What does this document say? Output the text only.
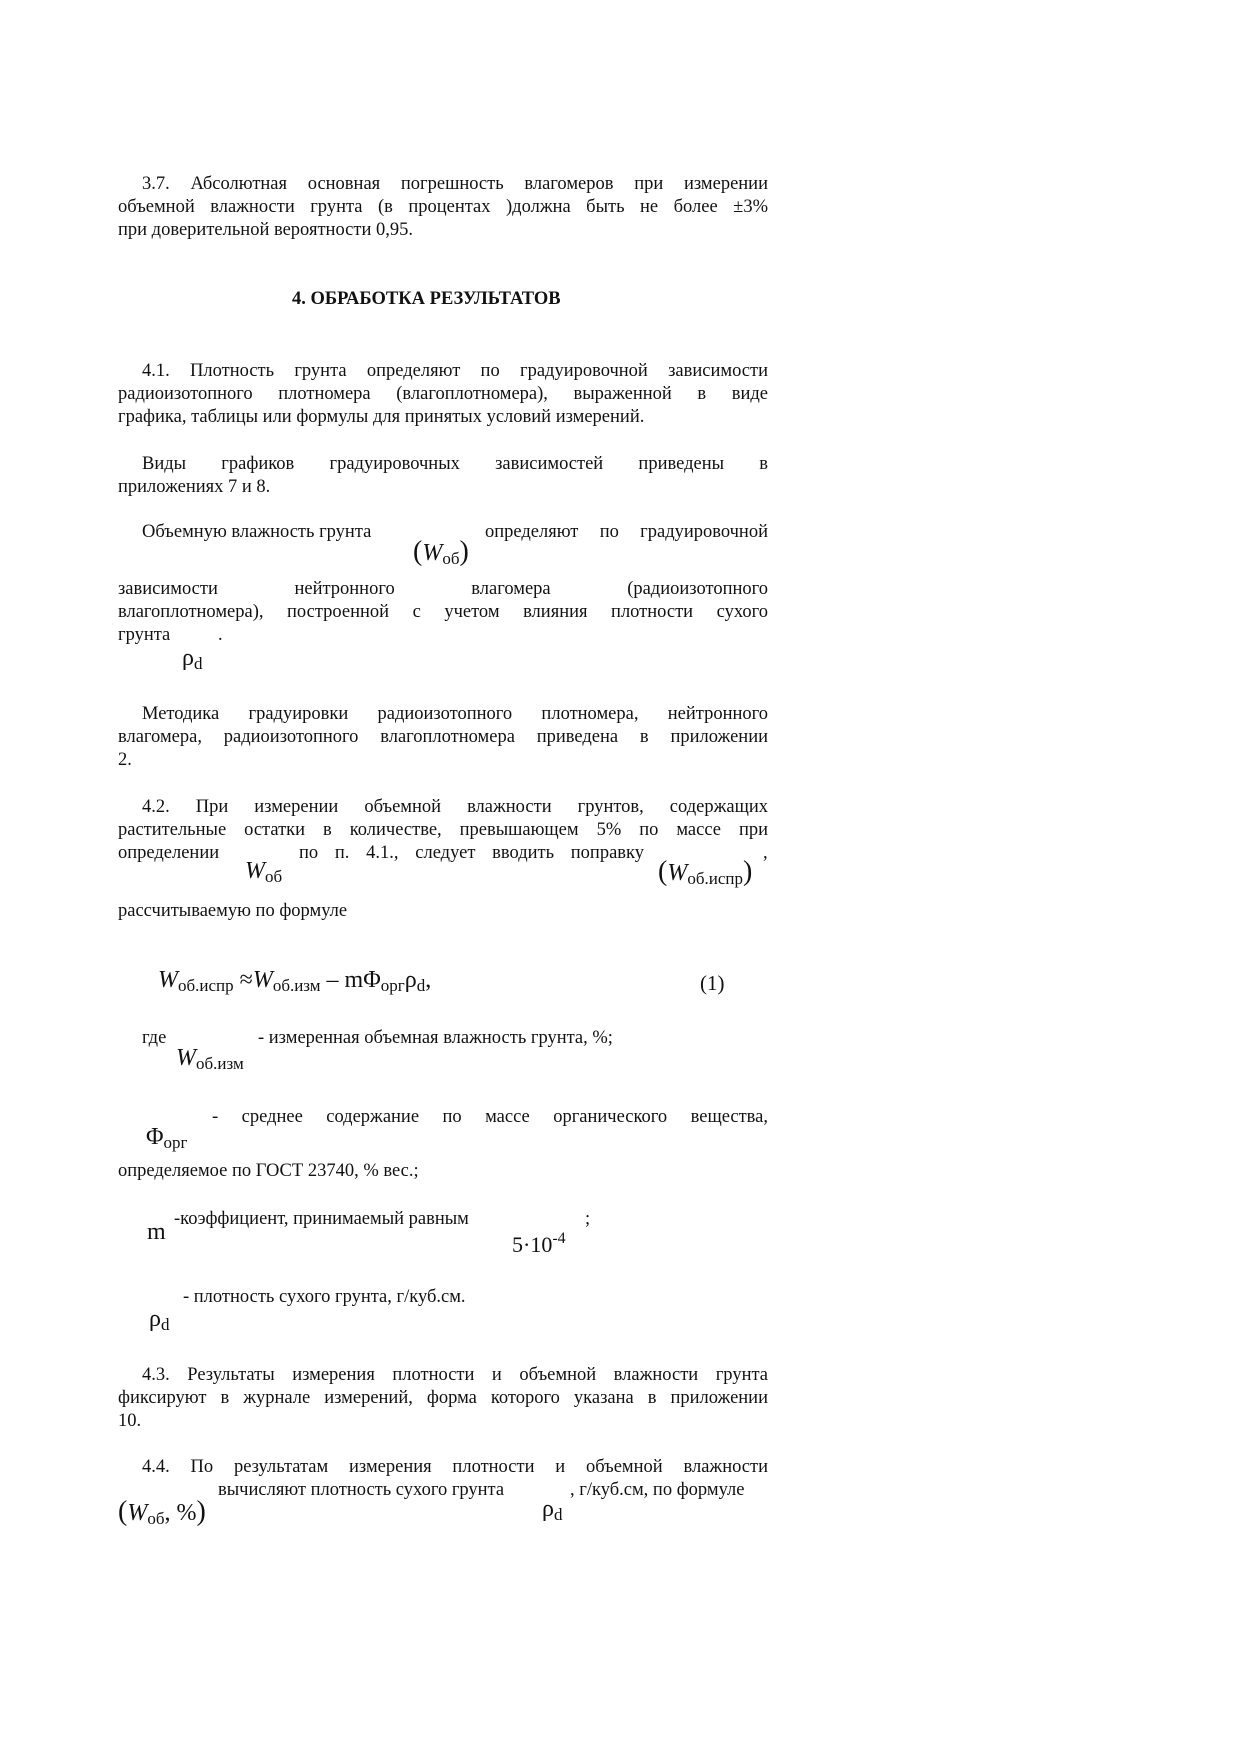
3.7. Абсолютная основная погрешность влагомеров при измерении
объемной влажности грунта (в процентах )должна быть не более ±3%
при доверительной вероятности 0,95.
4. ОБРАБОТКА РЕЗУЛЬТАТОВ
4.1. Плотность грунта определяют по градуировочной зависимости
радиоизотопного плотномера (влагоплотномера), выраженной в виде
графика, таблицы или формулы для принятых условий измерений.
Виды графиков градуировочных зависимостей приведены в
приложениях 7 и 8.
Объемную влажность грунта
$(W_{об})$
определяют по градуировочной
зависимости нейтронного влагомера (радиоизотопного
влагоплотномера), построенной с учетом влияния плотности сухого
грунта	.
$\rho_d$
Методика градуировки радиоизотопного плотномера, нейтронного
влагомера, радиоизотопного влагоплотномера приведена в приложении
2.
4.2. При измерении объемной влажности грунтов, содержащих
растительные остатки в количестве, превышающем 5% по массе при
определении
$W_{об}$
по п. 4.1., следует вводить поправку
$(W_{об.испр})$
,
рассчитываемую по формуле
$W_{об.испр} \approx W_{об.изм} - m\Phi_{орг}\rho_d$,	(1)
где	- измеренная объемная влажность грунта, %;
$W_{об.изм}$
- среднее содержание по массе органического вещества,
$\Phi_{орг}$
определяемое по ГОСТ 23740, % вес.;
m -коэффициент, принимаемый равным
$5\cdot 10^{-4}$
;
- плотность сухого грунта, г/куб.см.
$\rho_d$
4.3. Результаты измерения плотности и объемной влажности грунта
фиксируют в журнале измерений, форма которого указана в приложении
10.
4.4. По результатам измерения плотности и объемной влажности
($W_{об}$, %)
вычисляют плотность сухого грунта	, г/куб.см, по формуле
$\rho_d$
